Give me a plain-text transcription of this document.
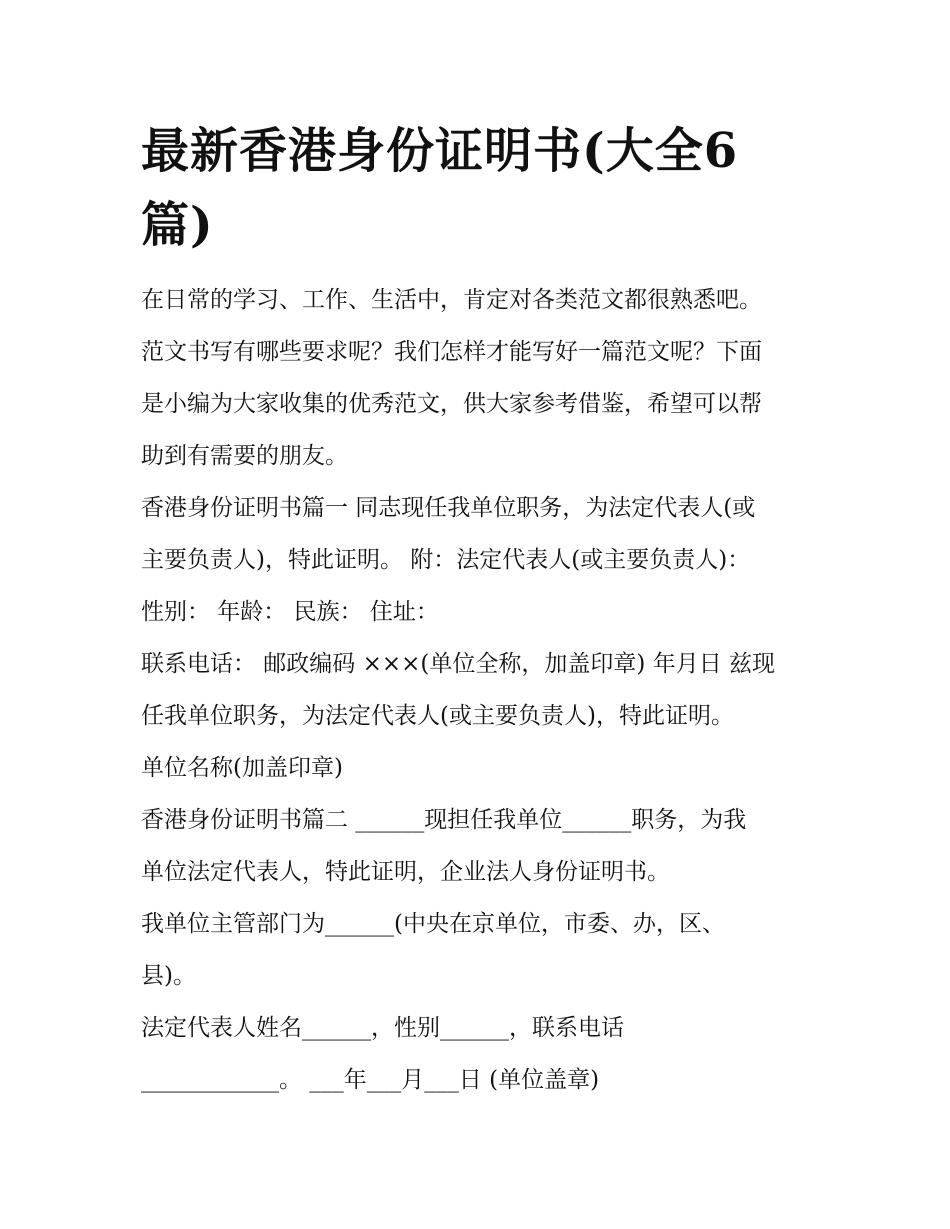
最新香港身份证明书(大全6篇)

在日常的学习、工作、生活中，肯定对各类范文都很熟悉吧。

范文书写有哪些要求呢？我们怎样才能写好一篇范文呢？下面

是小编为大家收集的优秀范文，供大家参考借鉴，希望可以帮

助到有需要的朋友。

香港身份证明书篇一 同志现任我单位职务，为法定代表人(或

主要负责人)，特此证明。 附：法定代表人(或主要负责人)：

性别： 年龄： 民族： 住址：

联系电话： 邮政编码 ×××(单位全称，加盖印章) 年月日 兹现

任我单位职务，为法定代表人(或主要负责人)，特此证明。

单位名称(加盖印章)

香港身份证明书篇二 ______现担任我单位______职务，为我

单位法定代表人，特此证明，企业法人身份证明书。

我单位主管部门为______(中央在京单位，市委、办，区、

县)。

法定代表人姓名______，性别______，联系电话

____________。 ___年___月___日 (单位盖章)
